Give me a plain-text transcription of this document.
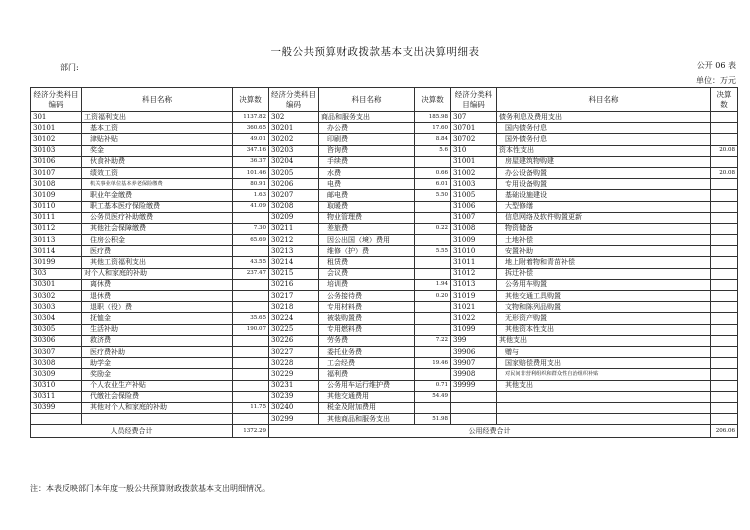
一般公共预算财政拨款基本支出决算明细表
部门:	公开 06 表
单位：万元
经济分类科目编码	科目名称	决算数	经济分类科目编码	科目名称	决算数	经济分类科目编码	科目名称	决算数
301	工资福利支出	1137.82	302	商品和服务支出	185.98	307	债务利息及费用支出	
30101	基本工资	360.65	30201	办公费	17.60	30701	国内债务付息	
30102	津贴补贴	49.01	30202	印刷费	8.84	30702	国外债务付息	
30103	奖金	347.16	30203	咨询费	5.6	310	资本性支出	20.08
30106	伙食补助费	36.37	30204	手续费		31001	房屋建筑物购建	
30107	绩效工资	101.46	30205	水费	0.66	31002	办公设备购置	20.08
30108	机关事业单位基本养老保险缴费	80.91	30206	电费	6.01	31003	专用设备购置	
30109	职业年金缴费	1.63	30207	邮电费	5.50	31005	基础设施建设	
30110	职工基本医疗保险缴费	41.09	30208	取暖费		31006	大型修缮	
30111	公务员医疗补助缴费		30209	物业管理费		31007	信息网络及软件购置更新	
30112	其他社会保障缴费	7.30	30211	差旅费	0.22	31008	物资储备	
30113	住房公积金	65.69	30212	因公出国（境）费用		31009	土地补偿	
30114	医疗费		30213	维修（护）费	5.55	31010	安置补助	
30199	其他工资福利支出	43.55	30214	租赁费		31011	地上附着物和青苗补偿	
303	对个人和家庭的补助	237.47	30215	会议费		31012	拆迁补偿	
30301	离休费		30216	培训费	1.94	31013	公务用车购置	
30302	退休费		30217	公务接待费	0.20	31019	其他交通工具购置	
30303	退职（役）费		30218	专用材料费		31021	文物和陈列品购置	
30304	抚恤金	35.65	30224	被装购置费		31022	无形资产购置	
30305	生活补助	190.07	30225	专用燃料费		31099	其他资本性支出	
30306	救济费		30226	劳务费	7.22	399	其他支出	
30307	医疗费补助		30227	委托业务费		39906	赠与	
30308	助学金		30228	工会经费	19.46	39907	国家赔偿费用支出	
30309	奖励金		30229	福利费		39908	对民间非营利组织和群众性自治组织补贴	
30310	个人农业生产补贴		30231	公务用车运行维护费	0.71	39999	其他支出	
30311	代缴社会保险费		30239	其他交通费用	54.49			
30399	其他对个人和家庭的补助	11.75	30240	税金及附加费用				
			30299	其他商品和服务支出	51.98			
人员经费合计		1372.29	公用经费合计					206.06
注：本表反映部门本年度一般公共预算财政拨款基本支出明细情况。
